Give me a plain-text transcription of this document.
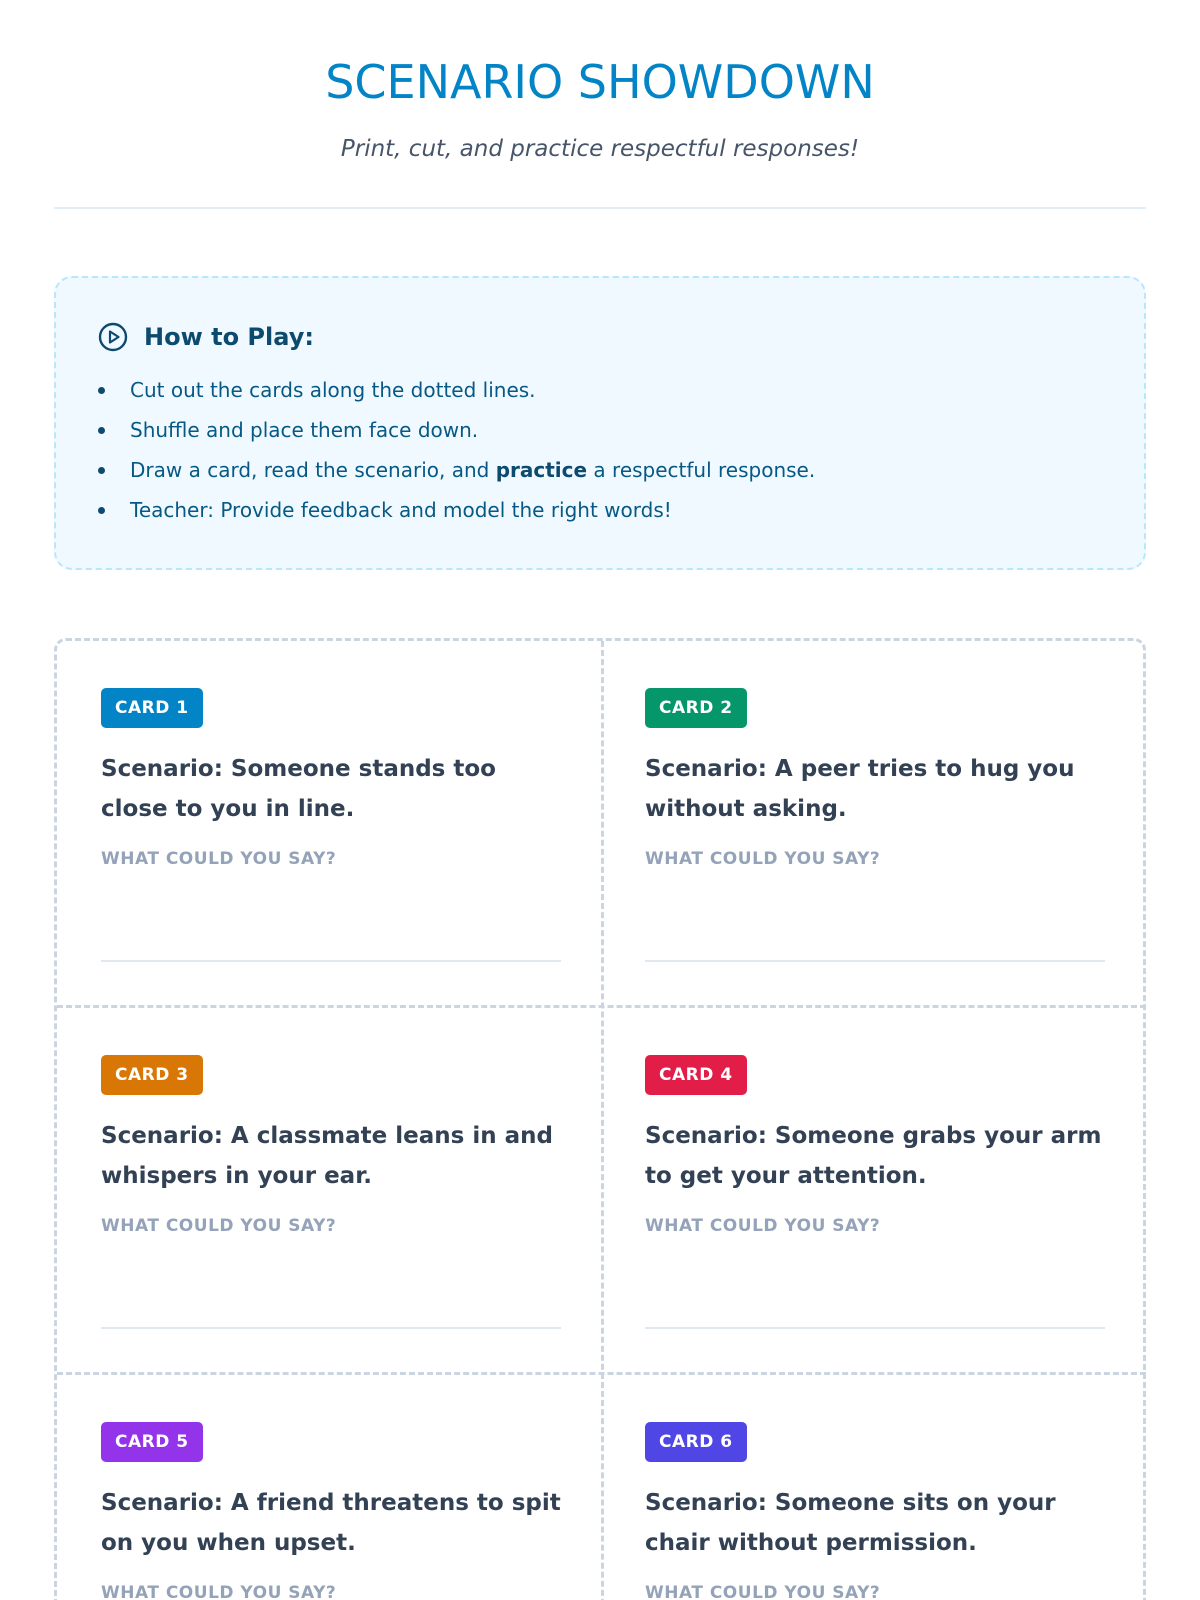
SCENARIO SHOWDOWN
Print, cut, and practice respectful responses!
How to Play:
Cut out the cards along the dotted lines.
Shuffle and place them face down.
Draw a card, read the scenario, and practice a respectful response.
Teacher: Provide feedback and model the right words!
CARD 1
Scenario: Someone stands too close to you in line.
WHAT COULD YOU SAY?
CARD 2
Scenario: A peer tries to hug you without asking.
WHAT COULD YOU SAY?
CARD 3
Scenario: A classmate leans in and whispers in your ear.
WHAT COULD YOU SAY?
CARD 4
Scenario: Someone grabs your arm to get your attention.
WHAT COULD YOU SAY?
CARD 5
Scenario: A friend threatens to spit on you when upset.
WHAT COULD YOU SAY?
CARD 6
Scenario: Someone sits on your chair without permission.
WHAT COULD YOU SAY?
